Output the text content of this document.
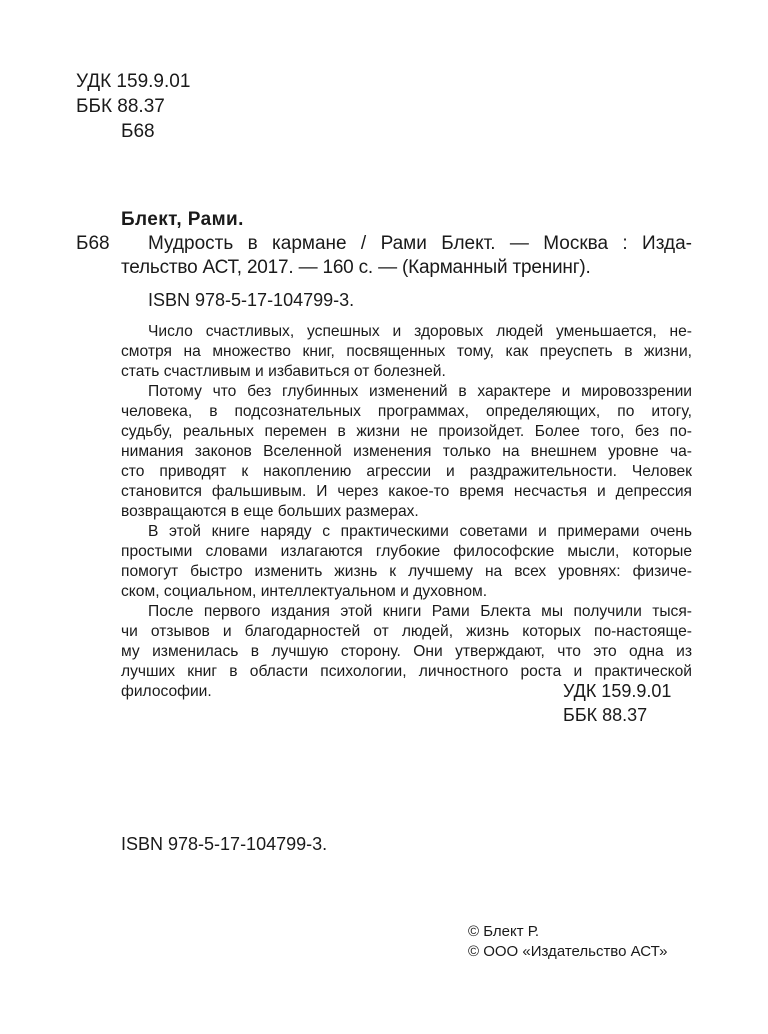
УДК 159.9.01
ББК 88.37
Б68
Блект, Рами.
Б68 Мудрость в кармане / Рами Блект. — Москва : Изда-
тельство АСТ, 2017. — 160 с. — (Карманный тренинг).
ISBN 978-5-17-104799-3.
Число счастливых, успешных и здоровых людей уменьшается, не-
смотря на множество книг, посвященных тому, как преуспеть в жизни,
стать счастливым и избавиться от болезней.
Потому что без глубинных изменений в характере и мировоззрении
человека, в подсознательных программах, определяющих, по итогу,
судьбу, реальных перемен в жизни не произойдет. Более того, без по-
нимания законов Вселенной изменения только на внешнем уровне ча-
сто приводят к накоплению агрессии и раздражительности. Человек
становится фальшивым. И через какое-то время несчастья и депрессия
возвращаются в еще больших размерах.
В этой книге наряду с практическими советами и примерами очень
простыми словами излагаются глубокие философские мысли, которые
помогут быстро изменить жизнь к лучшему на всех уровнях: физиче-
ском, социальном, интеллектуальном и духовном.
После первого издания этой книги Рами Блекта мы получили тыся-
чи отзывов и благодарностей от людей, жизнь которых по-настояще-
му изменилась в лучшую сторону. Они утверждают, что это одна из
лучших книг в области психологии, личностного роста и практической
философии.	УДК 159.9.01
ББК 88.37
ISBN 978-5-17-104799-3.
© Блект Р.
© ООО «Издательство АСТ»
